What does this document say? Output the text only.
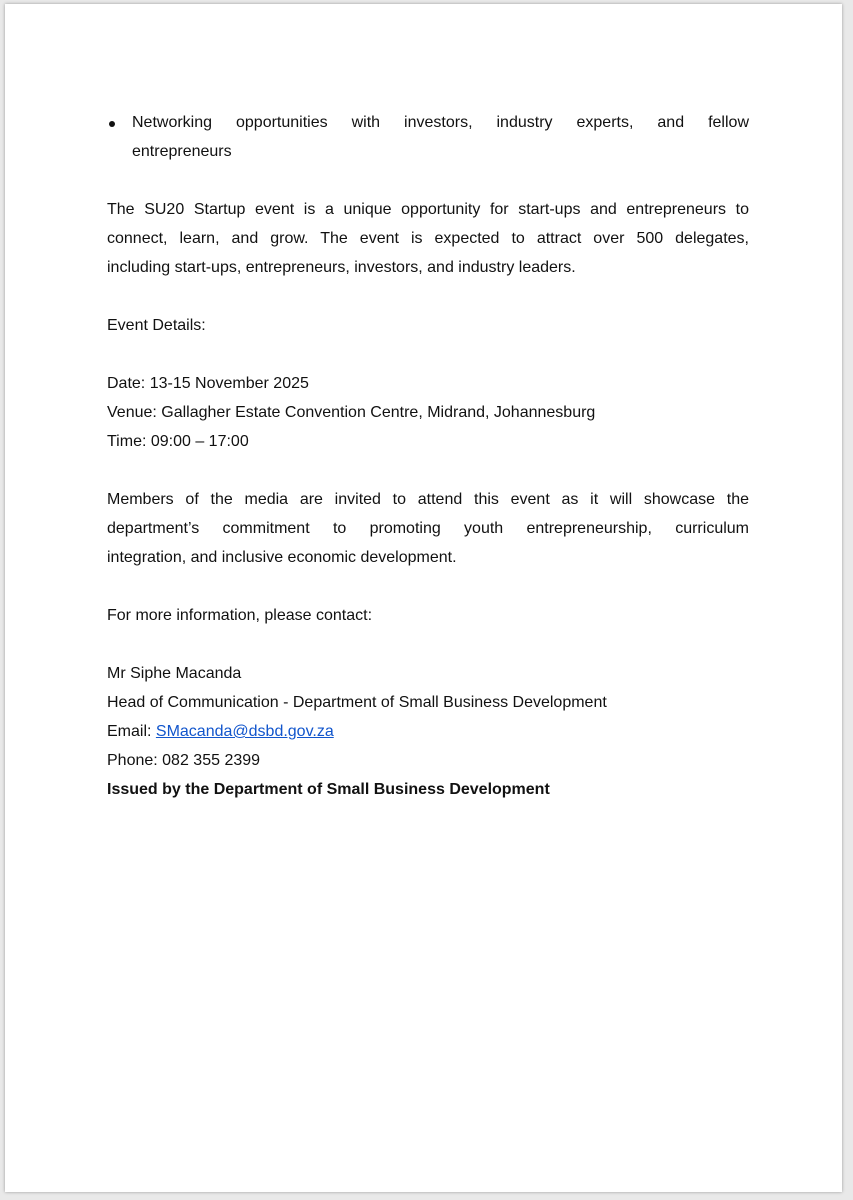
Networking opportunities with investors, industry experts, and fellow
entrepreneurs
The SU20 Startup event is a unique opportunity for start-ups and entrepreneurs to
connect, learn, and grow. The event is expected to attract over 500 delegates,
including start-ups, entrepreneurs, investors, and industry leaders.
Event Details:
Date: 13-15 November 2025
Venue: Gallagher Estate Convention Centre, Midrand, Johannesburg
Time: 09:00 – 17:00
Members of the media are invited to attend this event as it will showcase the
department’s commitment to promoting youth entrepreneurship, curriculum
integration, and inclusive economic development.
For more information, please contact:
Mr Siphe Macanda
Head of Communication - Department of Small Business Development
Email: SMacanda@dsbd.gov.za
Phone: 082 355 2399
Issued by the Department of Small Business Development
